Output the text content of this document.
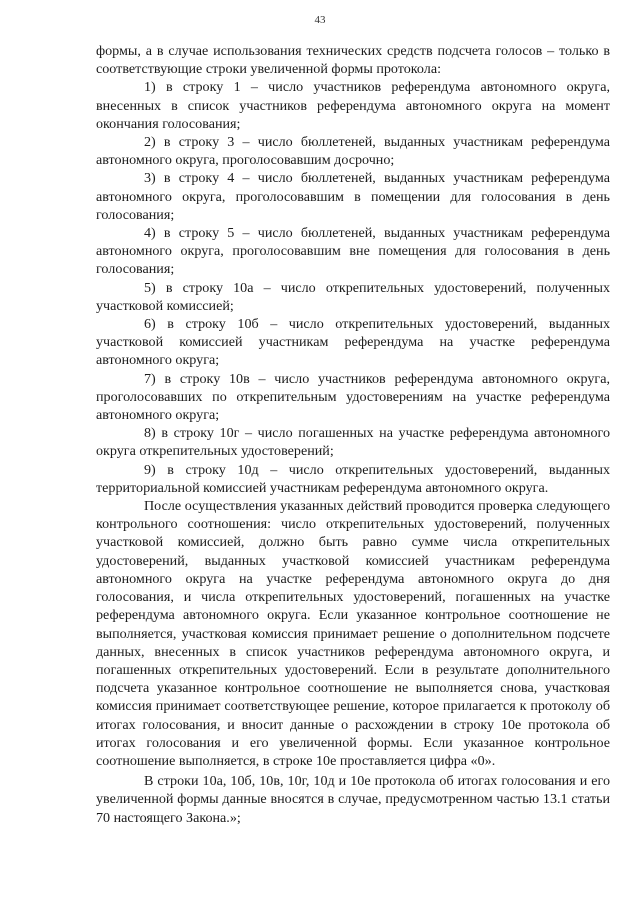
43

формы, а в случае использования технических средств подсчета голосов – только в соответствующие строки увеличенной формы протокола:

1) в строку 1 – число участников референдума автономного округа, внесенных в список участников референдума автономного округа на момент окончания голосования;

2) в строку 3 – число бюллетеней, выданных участникам референдума автономного округа, проголосовавшим досрочно;

3) в строку 4 – число бюллетеней, выданных участникам референдума автономного округа, проголосовавшим в помещении для голосования в день голосования;

4) в строку 5 – число бюллетеней, выданных участникам референдума автономного округа, проголосовавшим вне помещения для голосования в день голосования;

5) в строку 10а – число открепительных удостоверений, полученных участковой комиссией;

6) в строку 10б – число открепительных удостоверений, выданных участковой комиссией участникам референдума на участке референдума автономного округа;

7) в строку 10в – число участников референдума автономного округа, проголосовавших по открепительным удостоверениям на участке референдума автономного округа;

8) в строку 10г – число погашенных на участке референдума автономного округа открепительных удостоверений;

9) в строку 10д – число открепительных удостоверений, выданных территориальной комиссией участникам референдума автономного округа.

После осуществления указанных действий проводится проверка следующего контрольного соотношения: число открепительных удостоверений, полученных участковой комиссией, должно быть равно сумме числа открепительных удостоверений, выданных участковой комиссией участникам референдума автономного округа на участке референдума автономного округа до дня голосования, и числа открепительных удостоверений, погашенных на участке референдума автономного округа. Если указанное контрольное соотношение не выполняется, участковая комиссия принимает решение о дополнительном подсчете данных, внесенных в список участников референдума автономного округа, и погашенных открепительных удостоверений. Если в результате дополнительного подсчета указанное контрольное соотношение не выполняется снова, участковая комиссия принимает соответствующее решение, которое прилагается к протоколу об итогах голосования, и вносит данные о расхождении в строку 10е протокола об итогах голосования и его увеличенной формы. Если указанное контрольное соотношение выполняется, в строке 10е проставляется цифра «0».

В строки 10а, 10б, 10в, 10г, 10д и 10е протокола об итогах голосования и его увеличенной формы данные вносятся в случае, предусмотренном частью 13.1 статьи 70 настоящего Закона.»;
